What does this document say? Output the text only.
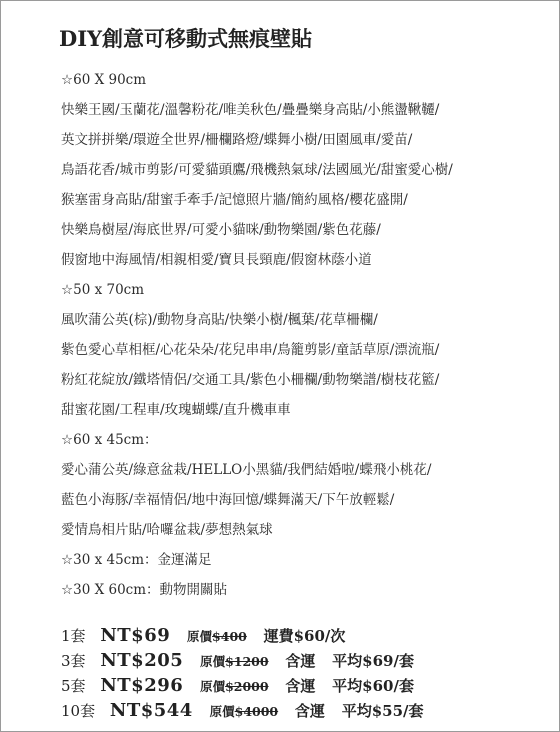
DIY創意可移動式無痕壁貼
☆60 X 90cm
快樂王國/玉蘭花/溫馨粉花/唯美秋色/疊疊樂身高貼/小熊盪鞦韆/
英文拼拼樂/環遊全世界/柵欄路燈/蝶舞小樹/田園風車/愛苗/
鳥語花香/城市剪影/可愛貓頭鷹/飛機熱氣球/法國風光/甜蜜愛心樹/
猴塞雷身高貼/甜蜜手牽手/記憶照片牆/簡約風格/櫻花盛開/
快樂鳥樹屋/海底世界/可愛小貓咪/動物樂園/紫色花藤/
假窗地中海風情/相親相愛/寶貝長頸鹿/假窗林蔭小道
☆50 x 70cm
風吹蒲公英(棕)/動物身高貼/快樂小樹/楓葉/花草柵欄/
紫色愛心草相框/心花朵朵/花兒串串/鳥籠剪影/童話草原/漂流瓶/
粉紅花綻放/鐵塔情侶/交通工具/紫色小柵欄/動物樂譜/樹枝花籃/
甜蜜花園/工程車/玫瑰蝴蝶/直升機車車
☆60 x 45cm：
愛心蒲公英/綠意盆栽/HELLO小黑貓/我們結婚啦/蝶飛小桃花/
藍色小海豚/幸福情侶/地中海回憶/蝶舞滿天/下午放輕鬆/
愛情鳥相片貼/哈囉盆栽/夢想熱氣球
☆30 x 45cm：金運滿足
☆30 X 60cm：動物開關貼
1套 NT$69 原價$400 運費$60/次
3套 NT$205 原價$1200 含運 平均$69/套
5套 NT$296 原價$2000 含運 平均$60/套
10套 NT$544 原價$4000 含運 平均$55/套
